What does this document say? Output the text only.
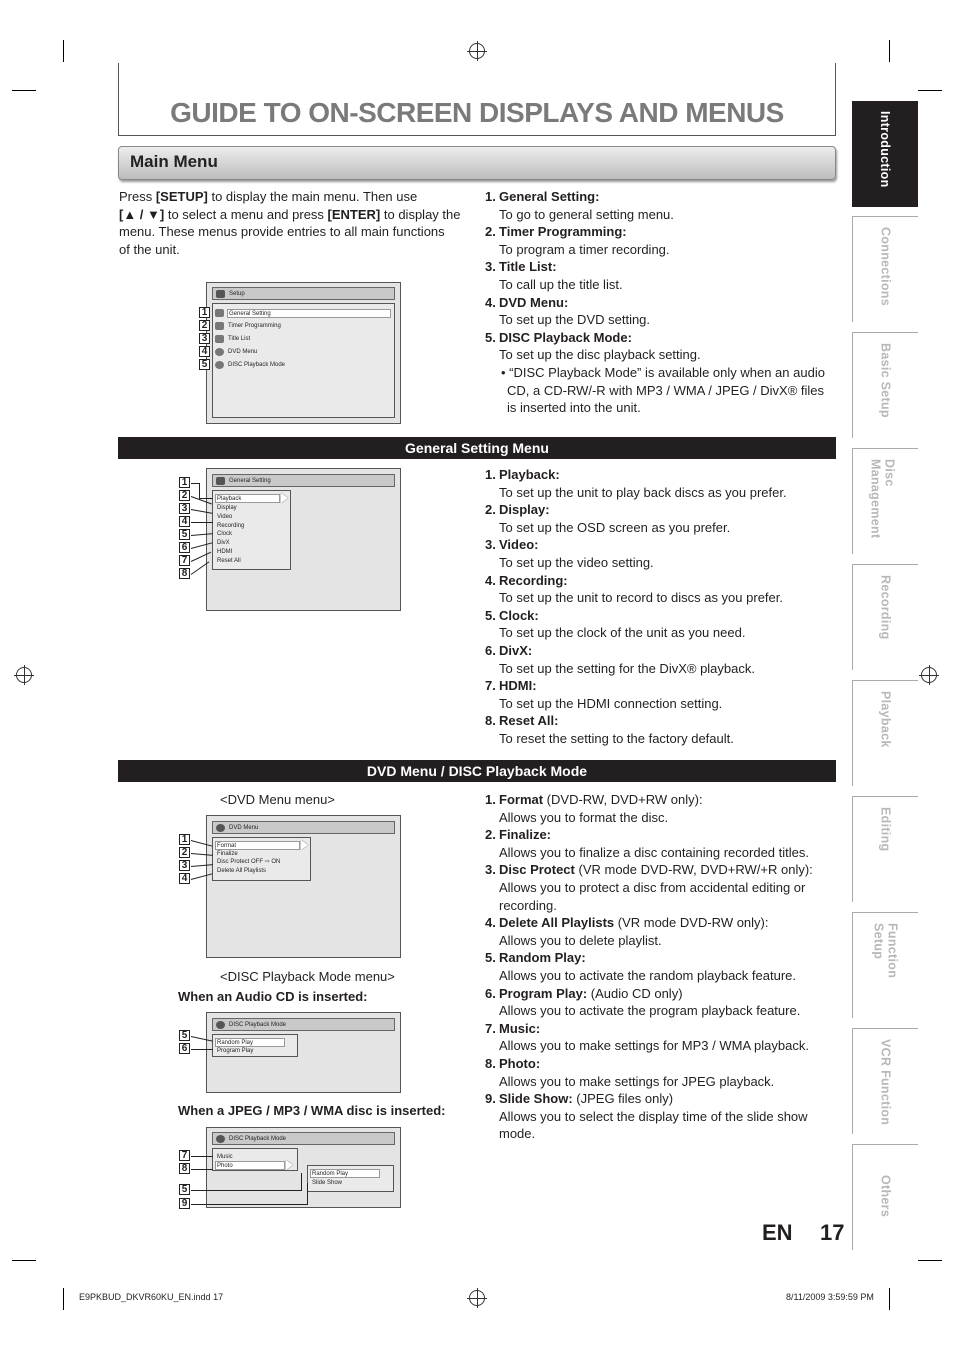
GUIDE TO ON-SCREEN DISPLAYS AND MENUS
Main Menu
Press [SETUP] to display the main menu. Then use
[▲ / ▼] to select a menu and press [ENTER] to display the
menu. These menus provide entries to all main functions
of the unit.
Setup
General Setting
Timer Programming
Title List
DVD Menu
DISC Playback Mode
1
2
3
4
5
1. General Setting:
To go to general setting menu.
2. Timer Programming:
To program a timer recording.
3. Title List:
To call up the title list.
4. DVD Menu:
To set up the DVD setting.
5. DISC Playback Mode:
To set up the disc playback setting.
• “DISC Playback Mode” is available only when an audio CD, a CD-RW/-R with MP3 / WMA / JPEG / DivX® files is inserted into the unit.
General Setting Menu
General Setting
Playback
Display
Video
Recording
Clock
DivX
HDMI
Reset All
1
2
3
4
5
6
7
8
1. Playback:
To set up the unit to play back discs as you prefer.
2. Display:
To set up the OSD screen as you prefer.
3. Video:
To set up the video setting.
4. Recording:
To set up the unit to record to discs as you prefer.
5. Clock:
To set up the clock of the unit as you need.
6. DivX:
To set up the setting for the DivX® playback.
7. HDMI:
To set up the HDMI connection setting.
8. Reset All:
To reset the setting to the factory default.
DVD Menu / DISC Playback Mode
<DVD Menu menu>
DVD Menu
Format
Finalize
Disc Protect OFF ⇨ ON
Delete All Playlists
1
2
3
4
<DISC Playback Mode menu>
When an Audio CD is inserted:
DISC Playback Mode
Random Play
Program Play
5
6
When a JPEG / MP3 / WMA disc is inserted:
DISC Playback Mode
Music
Photo
Random Play
Slide Show
7
8
5
9
1. Format (DVD-RW, DVD+RW only):
Allows you to format the disc.
2. Finalize:
Allows you to finalize a disc containing recorded titles.
3. Disc Protect (VR mode DVD-RW, DVD+RW/+R only):
Allows you to protect a disc from accidental editing or recording.
4. Delete All Playlists (VR mode DVD-RW only):
Allows you to delete playlist.
5. Random Play:
Allows you to activate the random playback feature.
6. Program Play: (Audio CD only)
Allows you to activate the program playback feature.
7. Music:
Allows you to make settings for MP3 / WMA playback.
8. Photo:
Allows you to make settings for JPEG playback.
9. Slide Show: (JPEG files only)
Allows you to select the display time of the slide show mode.
Introduction
Connections
Basic Setup
Disc Management
Recording
Playback
Editing
Function Setup
VCR Function
Others
EN 17
E9PKBUD_DKVR60KU_EN.indd 17	8/11/2009 3:59:59 PM
